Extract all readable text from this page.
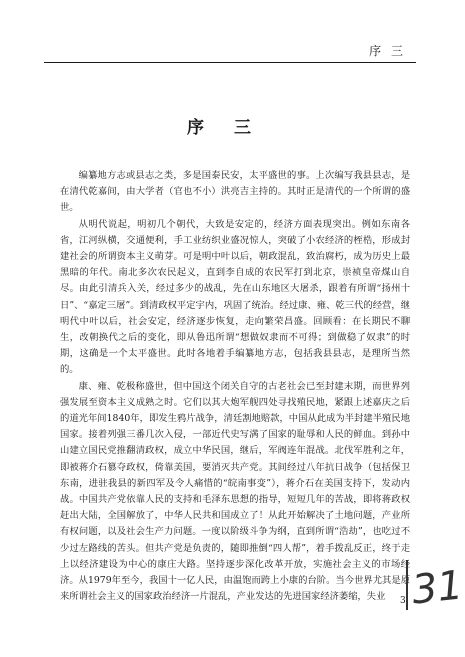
序 三
序 三

编纂地方志或县志之类，多是国泰民安，太平盛世的事。上次编写我县县志，是在清代乾嘉间，由大学者（官也不小）洪亮吉主持的。其时正是清代的一个所谓的盛世。

从明代说起，明初几个朝代，大致是安定的，经济方面表现突出。例如东南各省，江河纵横，交通便利，手工业纺织业盛况惊人，突破了小农经济的桎梏，形成封建社会的所谓资本主义萌芽。可是明中叶以后，朝政混乱，致治腐朽，成为历史上最黑暗的年代。南北多次农民起义，直到李自成的农民军打到北京，崇祯皇帝煤山自尽。由此引清兵入关，经过多少的战乱，先在山东地区大屠杀，跟着有所谓“扬州十日”、“嘉定三屠”。到清政权平定宇内，巩固了统治。经过康、雍、乾三代的经营，继明代中叶以后，社会安定，经济逐步恢复，走向繁荣昌盛。回顾看：在长期民不聊生，改朝换代之后的变化，即从鲁迅所谓“想做奴隶而不可得；到做稳了奴隶”的时期，这确是一个太平盛世。此时各地着手编纂地方志，包括我县县志，是理所当然的。

康、雍、乾极称盛世，但中国这个闭关自守的古老社会已至封建末期，而世界列强发展至资本主义成熟之时。它们以其大炮军舰四处寻找殖民地，紧跟上述嘉庆之后的道光年间1840年，即发生鸦片战争，清廷割地赔款，中国从此成为半封建半殖民地国家。接着列强三番几次入侵，一部近代史写满了国家的耻辱和人民的鲜血。到孙中山建立国民党推翻清政权，成立中华民国，继后，军阀连年混战。北伐军胜利之年，即被蒋介石篡夺政权，倚靠美国，要消灭共产党。其间经过八年抗日战争（包括保卫东南，进驻我县的新四军及令人痛惜的“皖南事变”），蒋介石在美国支持下，发动内战。中国共产党依靠人民的支持和毛泽东思想的指导，短短几年的苦战，即将蒋政权赶出大陆，全国解放了，中华人民共和国成立了！从此开始解决了土地问题，产业所有权问题，以及社会生产力问题。一度以阶级斗争为纲，直到所谓“浩劫”，也吃过不少过左路线的苦头。但共产党是负责的，随即推倒“四人帮”，着手拨乱反正，终于走上以经济建设为中心的康庄大路。坚持逐步深化改革开放，实施社会主义的市场经济。从1979年至今，我国十一亿人民，由温饱而跨上小康的台阶。当今世界尤其是原来所谓社会主义的国家政治经济一片混乱，产业发达的先进国家经济萎缩，失业 31
3
